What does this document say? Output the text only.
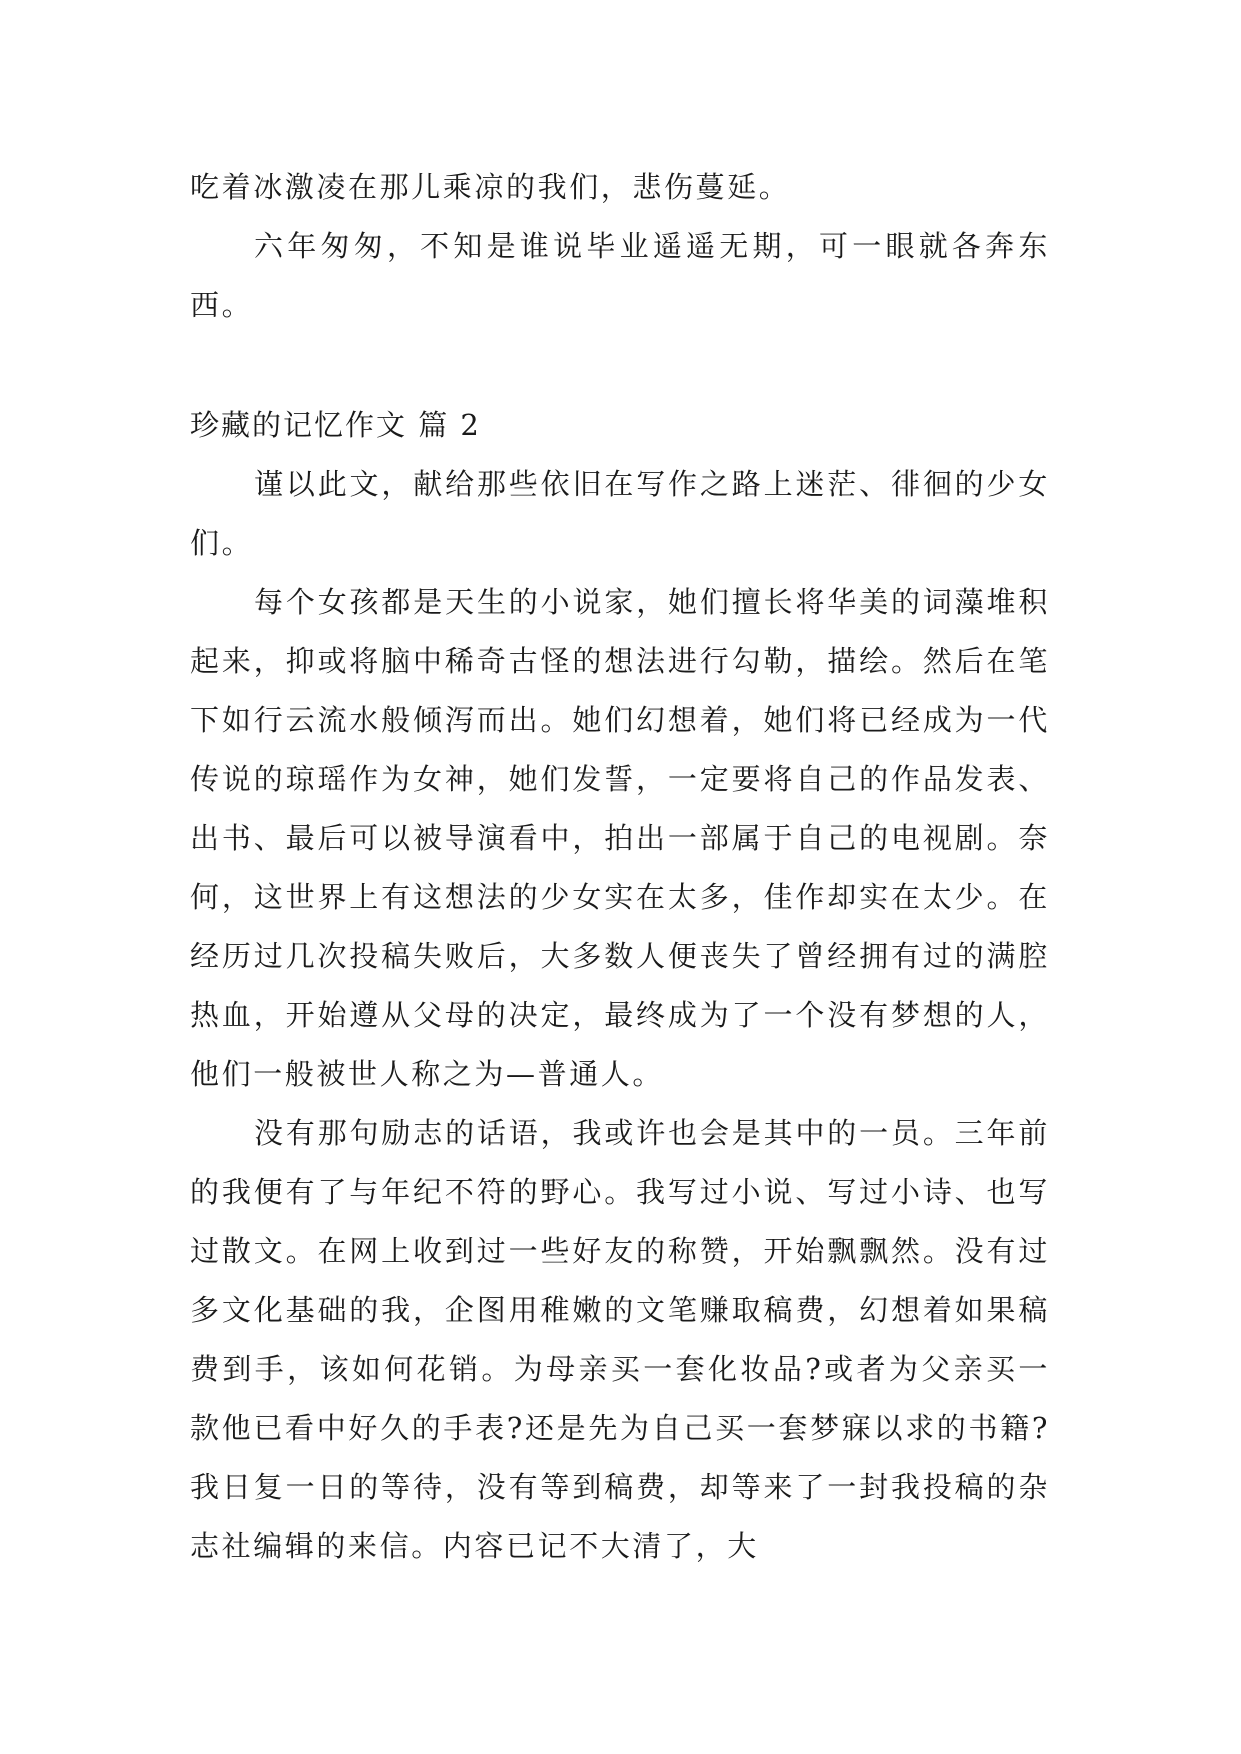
吃着冰激凌在那儿乘凉的我们，悲伤蔓延。

六年匆匆，不知是谁说毕业遥遥无期，可一眼就各奔东西。

珍藏的记忆作文 篇 2

谨以此文，献给那些依旧在写作之路上迷茫、徘徊的少女们。

每个女孩都是天生的小说家，她们擅长将华美的词藻堆积起来，抑或将脑中稀奇古怪的想法进行勾勒，描绘。然后在笔下如行云流水般倾泻而出。她们幻想着，她们将已经成为一代传说的琼瑶作为女神，她们发誓，一定要将自己的作品发表、出书、最后可以被导演看中，拍出一部属于自己的电视剧。奈何，这世界上有这想法的少女实在太多，佳作却实在太少。在经历过几次投稿失败后，大多数人便丧失了曾经拥有过的满腔热血，开始遵从父母的决定，最终成为了一个没有梦想的人，他们一般被世人称之为—普通人。

没有那句励志的话语，我或许也会是其中的一员。三年前的我便有了与年纪不符的野心。我写过小说、写过小诗、也写过散文。在网上收到过一些好友的称赞，开始飘飘然。没有过多文化基础的我，企图用稚嫩的文笔赚取稿费，幻想着如果稿费到手，该如何花销。为母亲买一套化妆品?或者为父亲买一款他已看中好久的手表?还是先为自己买一套梦寐以求的书籍?我日复一日的等待，没有等到稿费，却等来了一封我投稿的杂志社编辑的来信。内容已记不大清了，大
